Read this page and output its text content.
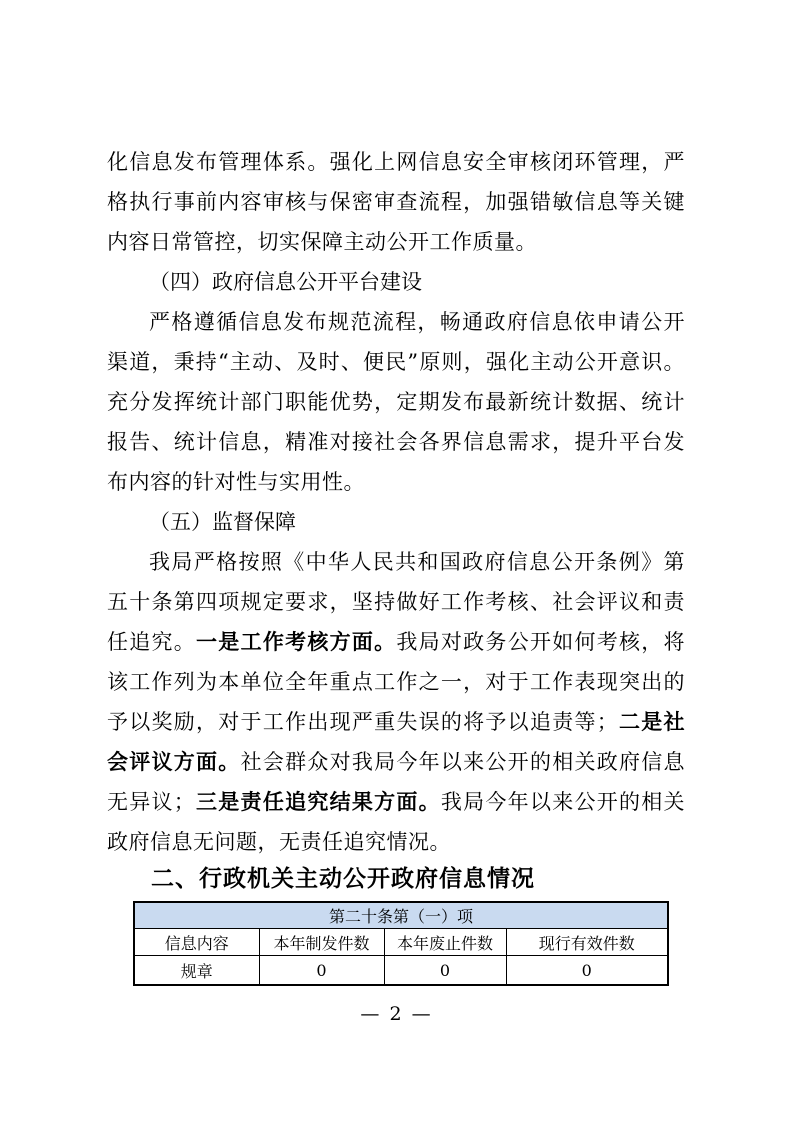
化信息发布管理体系。强化上网信息安全审核闭环管理，严格执行事前内容审核与保密审查流程，加强错敏信息等关键内容日常管控，切实保障主动公开工作质量。

（四）政府信息公开平台建设

严格遵循信息发布规范流程，畅通政府信息依申请公开渠道，秉持“主动、及时、便民”原则，强化主动公开意识。充分发挥统计部门职能优势，定期发布最新统计数据、统计报告、统计信息，精准对接社会各界信息需求，提升平台发布内容的针对性与实用性。

（五）监督保障

我局严格按照《中华人民共和国政府信息公开条例》第五十条第四项规定要求，坚持做好工作考核、社会评议和责任追究。一是工作考核方面。我局对政务公开如何考核，将该工作列为本单位全年重点工作之一，对于工作表现突出的予以奖励，对于工作出现严重失误的将予以追责等；二是社会评议方面。社会群众对我局今年以来公开的相关政府信息无异议；三是责任追究结果方面。我局今年以来公开的相关政府信息无问题，无责任追究情况。

二、行政机关主动公开政府信息情况
第二十条第（一）项			
信息内容	本年制发件数	本年废止件数	现行有效件数
规章	0	0	0
— 2 —
